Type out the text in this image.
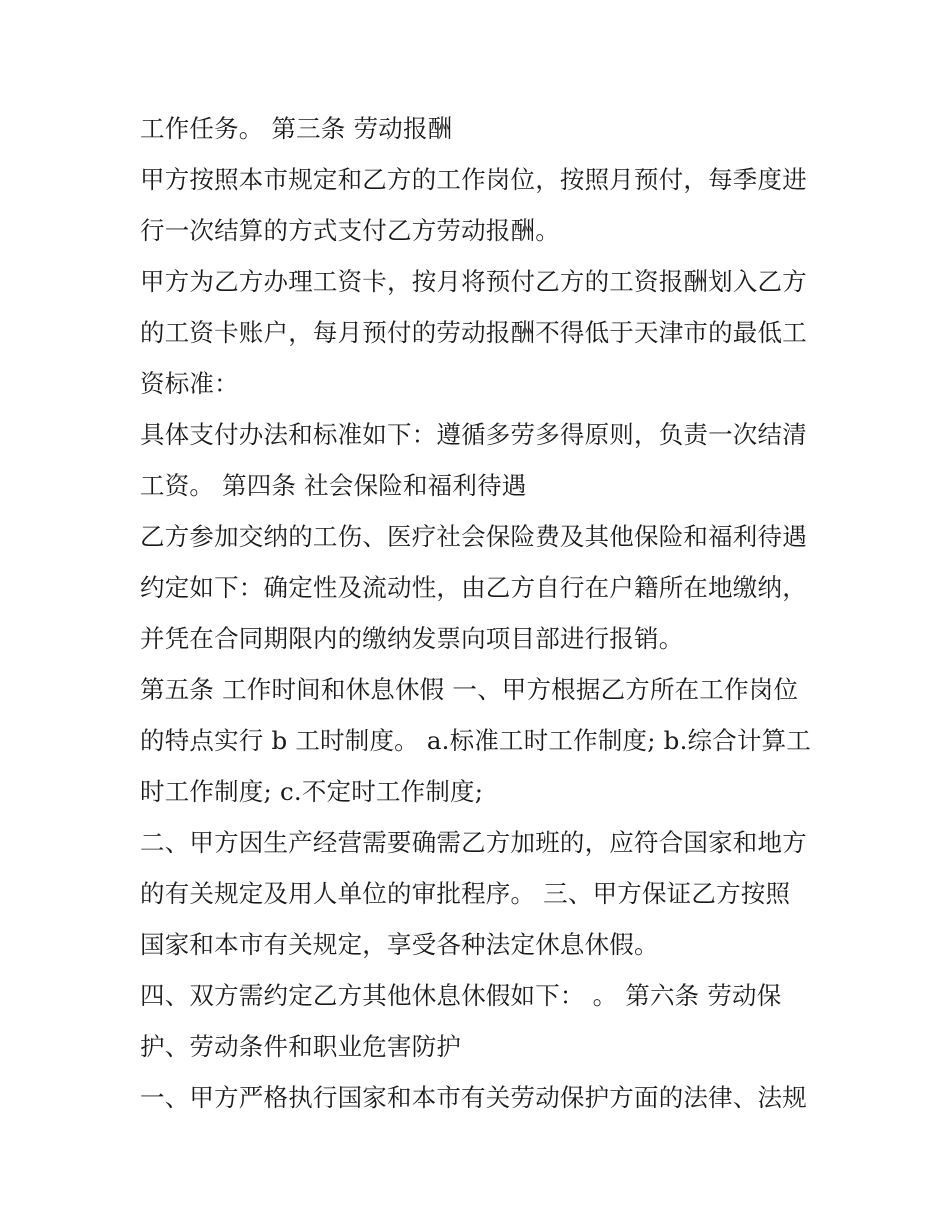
工作任务。 第三条 劳动报酬

甲方按照本市规定和乙方的工作岗位，按照月预付，每季度进

行一次结算的方式支付乙方劳动报酬。

甲方为乙方办理工资卡，按月将预付乙方的工资报酬划入乙方

的工资卡账户，每月预付的劳动报酬不得低于天津市的最低工

资标准：

具体支付办法和标准如下：遵循多劳多得原则，负责一次结清

工资。 第四条 社会保险和福利待遇

乙方参加交纳的工伤、医疗社会保险费及其他保险和福利待遇

约定如下：确定性及流动性，由乙方自行在户籍所在地缴纳，

并凭在合同期限内的缴纳发票向项目部进行报销。

第五条 工作时间和休息休假 一、甲方根据乙方所在工作岗位

的特点实行 b 工时制度。 a.标准工时工作制度; b.综合计算工

时工作制度; c.不定时工作制度;

二、甲方因生产经营需要确需乙方加班的，应符合国家和地方

的有关规定及用人单位的审批程序。 三、甲方保证乙方按照

国家和本市有关规定，享受各种法定休息休假。

四、双方需约定乙方其他休息休假如下： 。 第六条 劳动保

护、劳动条件和职业危害防护

一、甲方严格执行国家和本市有关劳动保护方面的法律、法规
